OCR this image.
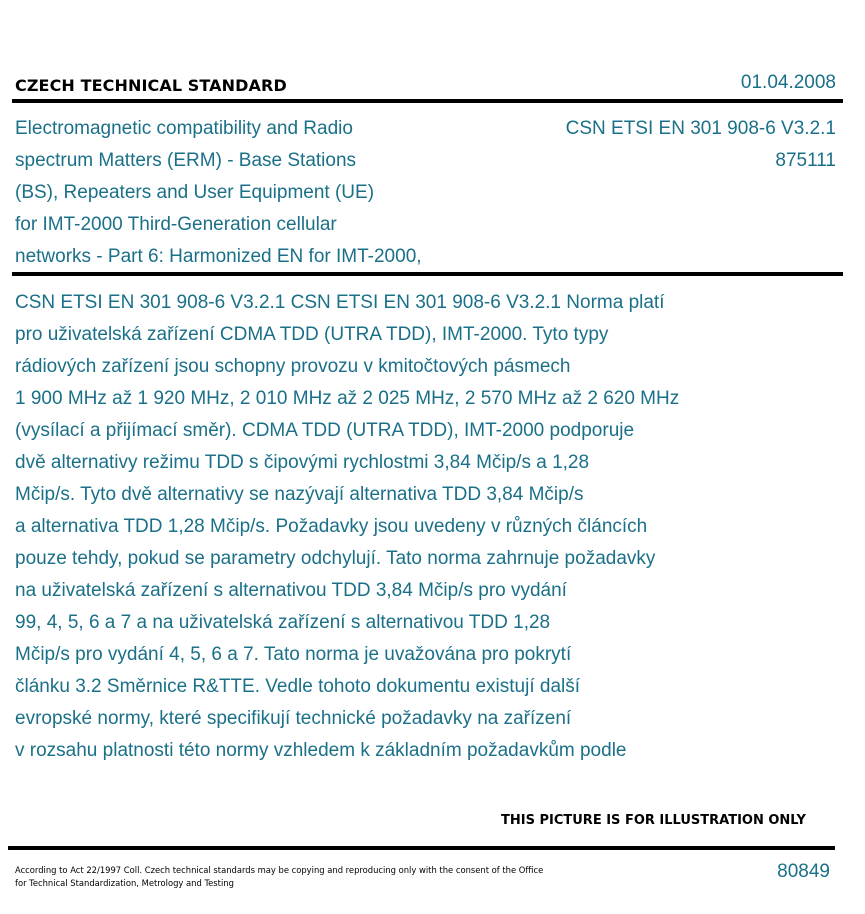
CZECH TECHNICAL STANDARD	01.04.2008
Electromagnetic compatibility and Radio
spectrum Matters (ERM) - Base Stations
(BS), Repeaters and User Equipment (UE)
for IMT-2000 Third-Generation cellular
networks - Part 6: Harmonized EN for IMT-2000,
CSN ETSI EN 301 908-6 V3.2.1
875111
CSN ETSI EN 301 908-6 V3.2.1 CSN ETSI EN 301 908-6 V3.2.1 Norma platí
pro uživatelská zařízení CDMA TDD (UTRA TDD), IMT-2000. Tyto typy
rádiových zařízení jsou schopny provozu v kmitočtových pásmech
1 900 MHz až 1 920 MHz, 2 010 MHz až 2 025 MHz, 2 570 MHz až 2 620 MHz
(vysílací a přijímací směr). CDMA TDD (UTRA TDD), IMT-2000 podporuje
dvě alternativy režimu TDD s čipovými rychlostmi 3,84 Mčip/s a 1,28
Mčip/s. Tyto dvě alternativy se nazývají alternativa TDD 3,84 Mčip/s
a alternativa TDD 1,28 Mčip/s. Požadavky jsou uvedeny v různých článcích
pouze tehdy, pokud se parametry odchylují. Tato norma zahrnuje požadavky
na uživatelská zařízení s alternativou TDD 3,84 Mčip/s pro vydání
99, 4, 5, 6 a 7 a na uživatelská zařízení s alternativou TDD 1,28
Mčip/s pro vydání 4, 5, 6 a 7. Tato norma je uvažována pro pokrytí
článku 3.2 Směrnice R&TTE. Vedle tohoto dokumentu existují další
evropské normy, které specifikují technické požadavky na zařízení
v rozsahu platnosti této normy vzhledem k základním požadavkům podle
THIS PICTURE IS FOR ILLUSTRATION ONLY
According to Act 22/1997 Coll. Czech technical standards may be copying and reproducing only with the consent of the Office
for Technical Standardization, Metrology and Testing
80849
